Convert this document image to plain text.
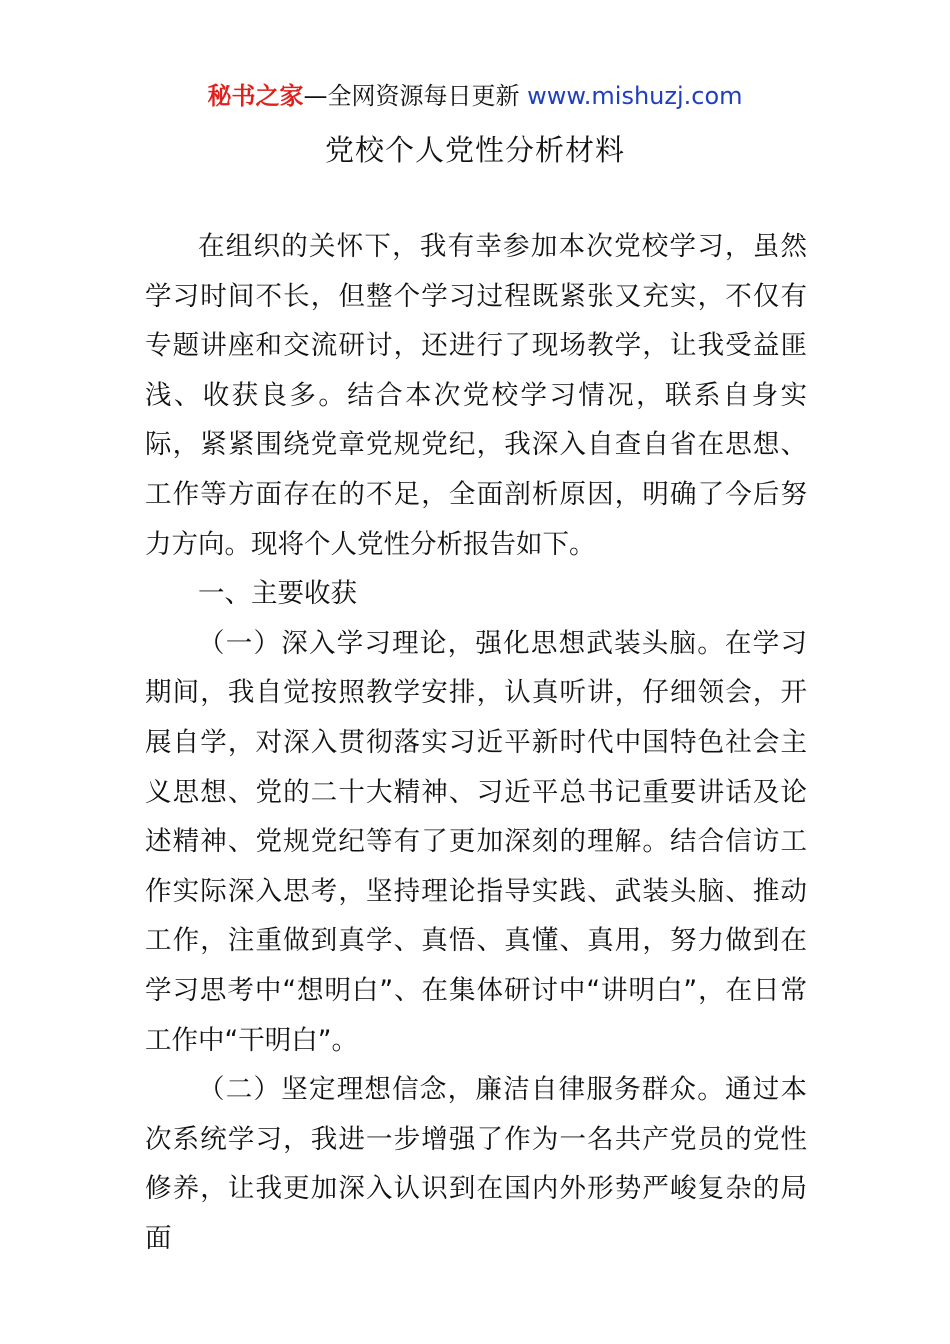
秘书之家—全网资源每日更新 www.mishuzj.com
党校个人党性分析材料

在组织的关怀下，我有幸参加本次党校学习，虽然学习时间不长，但整个学习过程既紧张又充实，不仅有专题讲座和交流研讨，还进行了现场教学，让我受益匪浅、收获良多。结合本次党校学习情况，联系自身实际，紧紧围绕党章党规党纪，我深入自查自省在思想、工作等方面存在的不足，全面剖析原因，明确了今后努力方向。现将个人党性分析报告如下。

一、主要收获

（一）深入学习理论，强化思想武装头脑。在学习期间，我自觉按照教学安排，认真听讲，仔细领会，开展自学，对深入贯彻落实习近平新时代中国特色社会主义思想、党的二十大精神、习近平总书记重要讲话及论述精神、党规党纪等有了更加深刻的理解。结合信访工作实际深入思考，坚持理论指导实践、武装头脑、推动工作，注重做到真学、真悟、真懂、真用，努力做到在学习思考中“想明白”、在集体研讨中“讲明白”，在日常工作中“干明白”。

（二）坚定理想信念，廉洁自律服务群众。通过本次系统学习，我进一步增强了作为一名共产党员的党性修养，让我更加深入认识到在国内外形势严峻复杂的局面
